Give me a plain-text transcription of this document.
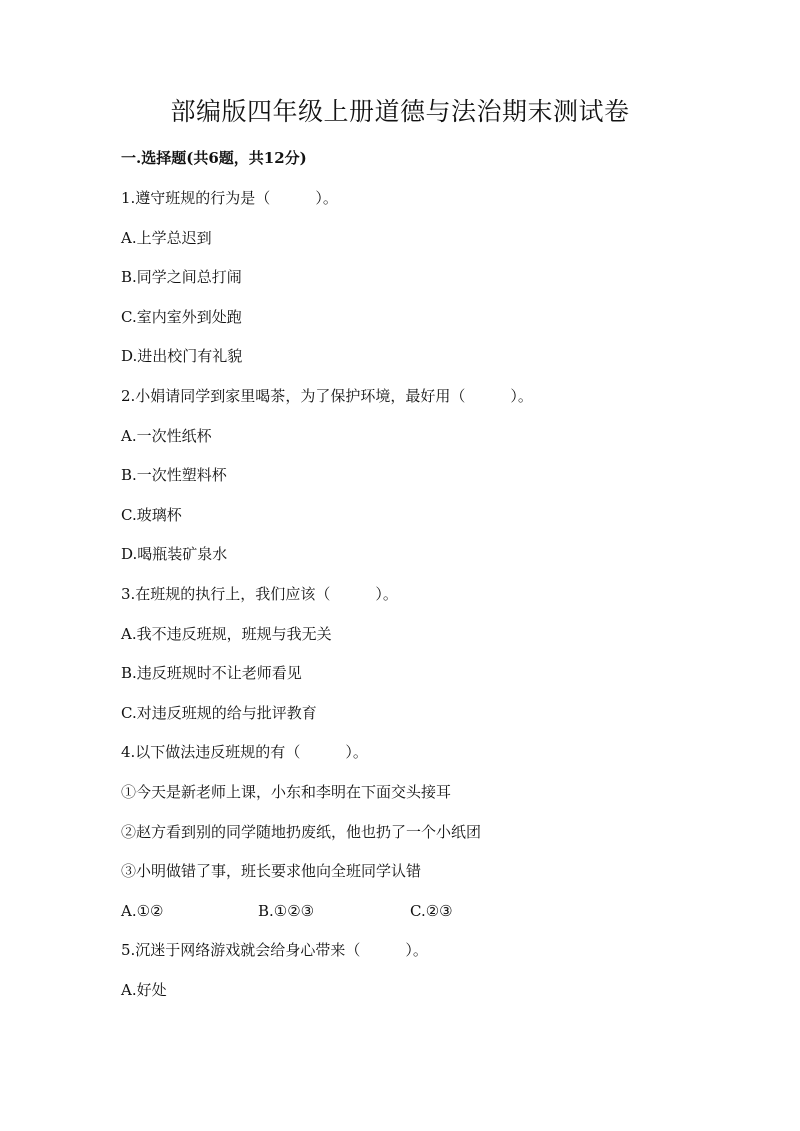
部编版四年级上册道德与法治期末测试卷
一.选择题(共6题，共12分)
1.遵守班规的行为是（　　　）。
A.上学总迟到
B.同学之间总打闹
C.室内室外到处跑
D.进出校门有礼貌
2.小娟请同学到家里喝茶，为了保护环境，最好用（　　　）。
A.一次性纸杯
B.一次性塑料杯
C.玻璃杯
D.喝瓶装矿泉水
3.在班规的执行上，我们应该（　　　）。
A.我不违反班规，班规与我无关
B.违反班规时不让老师看见
C.对违反班规的给与批评教育
4.以下做法违反班规的有（　　　）。
①今天是新老师上课，小东和李明在下面交头接耳
②赵方看到别的同学随地扔废纸，他也扔了一个小纸团
③小明做错了事，班长要求他向全班同学认错
A.①②	B.①②③	C.②③
5.沉迷于网络游戏就会给身心带来（　　　）。
A.好处
